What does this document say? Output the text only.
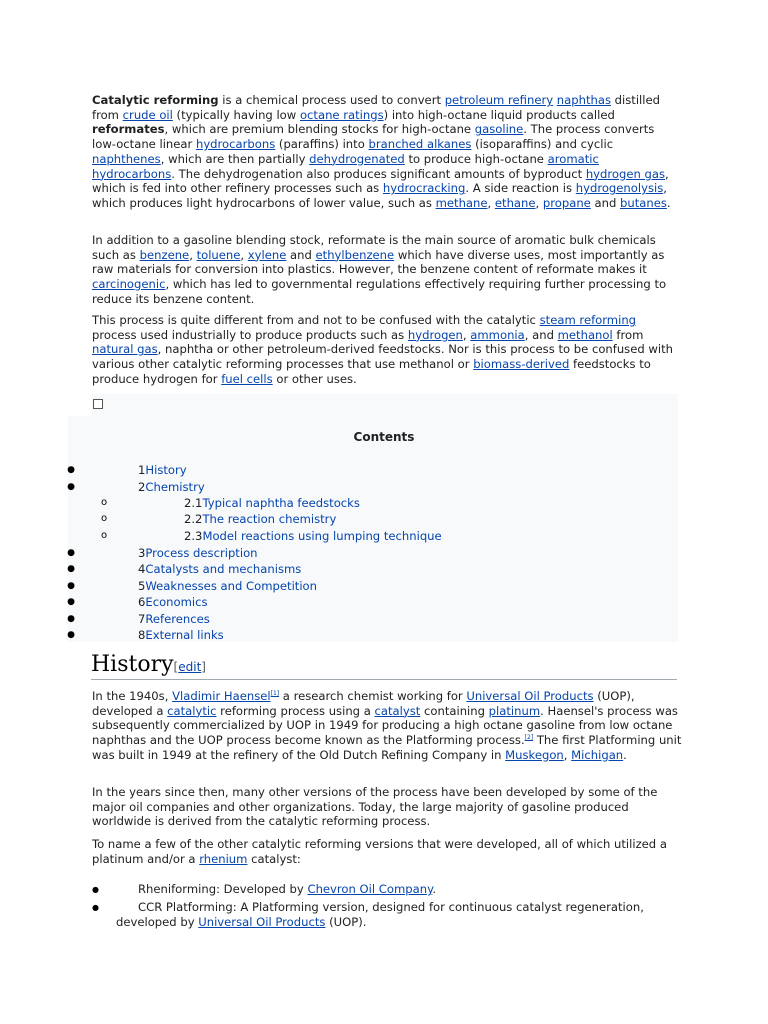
Catalytic reforming is a chemical process used to convert petroleum refinery naphthas distilled from crude oil (typically having low octane ratings) into high-octane liquid products called reformates, which are premium blending stocks for high-octane gasoline. The process converts low-octane linear hydrocarbons (paraffins) into branched alkanes (isoparaffins) and cyclic naphthenes, which are then partially dehydrogenated to produce high-octane aromatic hydrocarbons. The dehydrogenation also produces significant amounts of byproduct hydrogen gas, which is fed into other refinery processes such as hydrocracking. A side reaction is hydrogenolysis, which produces light hydrocarbons of lower value, such as methane, ethane, propane and butanes.

In addition to a gasoline blending stock, reformate is the main source of aromatic bulk chemicals such as benzene, toluene, xylene and ethylbenzene which have diverse uses, most importantly as raw materials for conversion into plastics. However, the benzene content of reformate makes it carcinogenic, which has led to governmental regulations effectively requiring further processing to reduce its benzene content.

This process is quite different from and not to be confused with the catalytic steam reforming process used industrially to produce products such as hydrogen, ammonia, and methanol from natural gas, naphtha or other petroleum-derived feedstocks. Nor is this process to be confused with various other catalytic reforming processes that use methanol or biomass-derived feedstocks to produce hydrogen for fuel cells or other uses.

Contents
●	1History
●	2Chemistry
o	2.1Typical naphtha feedstocks
o	2.2The reaction chemistry
o	2.3Model reactions using lumping technique
●	3Process description
●	4Catalysts and mechanisms
●	5Weaknesses and Competition
●	6Economics
●	7References
●	8External links
History[edit]

In the 1940s, Vladimir Haensel[1] a research chemist working for Universal Oil Products (UOP), developed a catalytic reforming process using a catalyst containing platinum. Haensel's process was subsequently commercialized by UOP in 1949 for producing a high octane gasoline from low octane naphthas and the UOP process become known as the Platforming process.[2] The first Platforming unit was built in 1949 at the refinery of the Old Dutch Refining Company in Muskegon, Michigan.

In the years since then, many other versions of the process have been developed by some of the major oil companies and other organizations. Today, the large majority of gasoline produced worldwide is derived from the catalytic reforming process.

To name a few of the other catalytic reforming versions that were developed, all of which utilized a platinum and/or a rhenium catalyst:

●	Rheniforming: Developed by Chevron Oil Company.
●	CCR Platforming: A Platforming version, designed for continuous catalyst regeneration, developed by Universal Oil Products (UOP).
